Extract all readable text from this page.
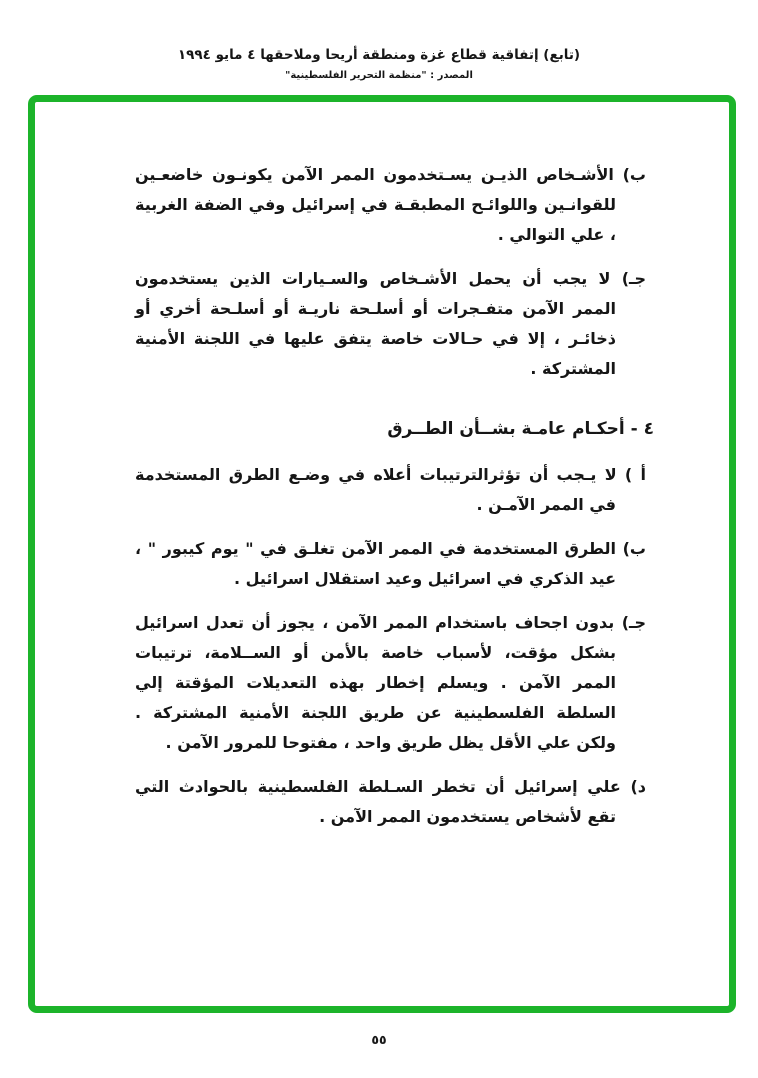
(تابع) إتفاقية قطاع غزة ومنطقة أريحا وملاحقها ٤ مايو ١٩٩٤
المصدر : "منظمة التحرير الفلسطينية"

ب) الأشـخاص الذيـن يسـتخدمون الممر الآمن يكونـون خاضعـين للقوانـين واللوائـح المطبقـة في إسرائيل وفي الضفة الغربية ، علي التوالي .

جـ) لا يجب أن يحمل الأشـخاص والسـيارات الذين يستخدمون الممر الآمن متفـجرات أو أسلـحة ناريـة أو أسلـحة أخري أو ذخائـر ، إلا في حـالات خاصة يتفق عليها في اللجنة الأمنية المشتركة .

٤ - أحكـام عامـة بشــأن الطــرق

أ ) لا يـجب أن تؤثرالترتيبات أعلاه في وضـع الطرق المستخدمة في الممر الآمـن .

ب) الطرق المستخدمة في الممر الآمن تغلـق في " يوم كيبور " ، عيد الذكري في اسرائيل وعيد استقلال اسرائيل .

جـ) بدون اجحاف باستخدام الممر الآمن ، يجوز أن تعدل اسرائيل بشكل مؤقت، لأسباب خاصة بالأمن أو الســلامة، ترتيبات الممر الآمن . ويسلم إخطار بهذه التعديلات المؤقتة إلي السلطة الفلسطينية عن طريق اللجنة الأمنية المشتركة . ولكن علي الأقل يظل طريق واحد ، مفتوحا للمرور الآمن .

د) علي إسرائيل أن تخطر السـلطة الفلسطينية بالحوادث التي تقع لأشخاص يستخدمون الممر الآمن .

٥٥
